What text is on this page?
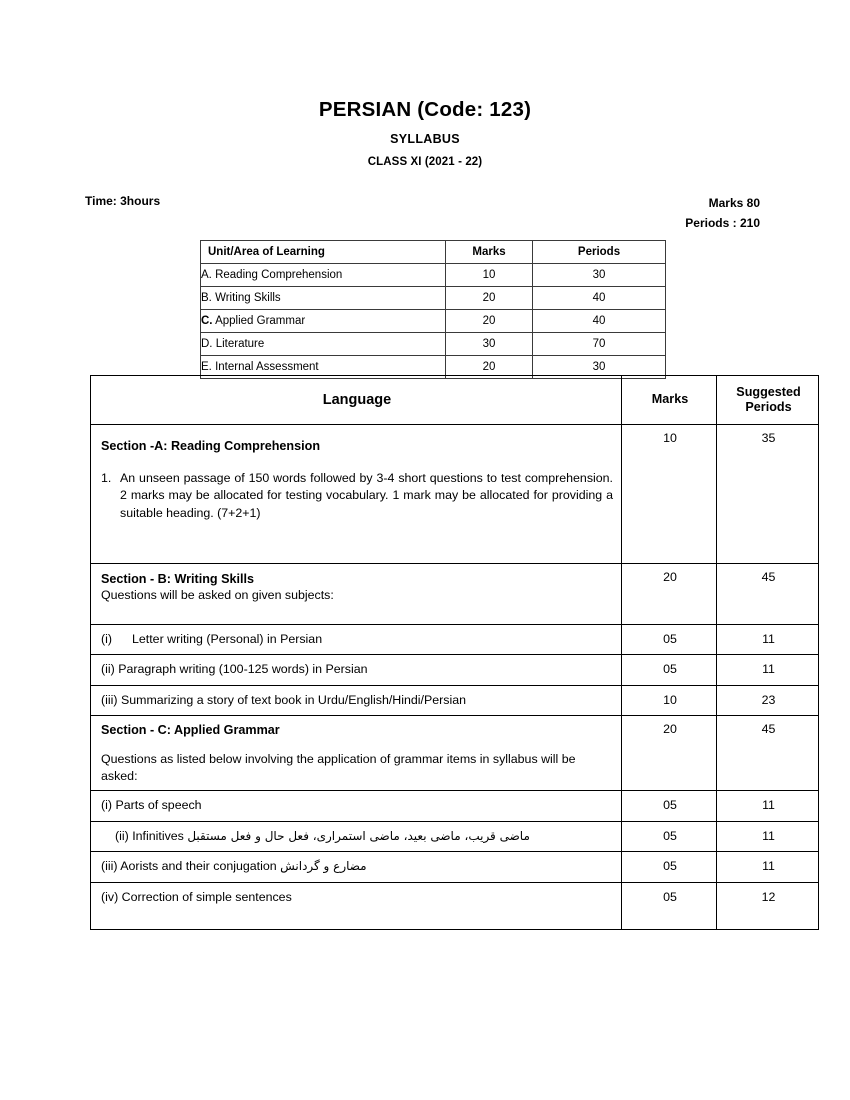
PERSIAN (Code: 123)
SYLLABUS
CLASS XI (2021 - 22)
Time: 3hours	Marks 80
Periods : 210
Unit/Area of Learning	Marks	Periods
A. Reading Comprehension	10	30
B. Writing Skills	20	40
C. Applied Grammar	20	40
D. Literature	30	70
E. Internal Assessment	20	30
Language	Marks	Suggested
Periods

Section -A: Reading Comprehension
1. An unseen passage of 150 words followed by 3-4 short questions to test comprehension. 2 marks may be allocated for testing vocabulary. 1 mark may be allocated for providing a suitable heading. (7+2+1)
	10	35

Section - B: Writing Skills
Questions will be asked on given subjects:	20	45
(i) Letter writing (Personal) in Persian	05	11
(ii) Paragraph writing (100-125 words) in Persian	05	11
(iii) Summarizing a story of text book in Urdu/English/Hindi/Persian	10	23

Section - C: Applied Grammar
Questions as listed below involving the application of grammar items in syllabus will be asked:	20	45
(i) Parts of speech	05	11

(ii) Infinitives ماضی قریب، ماضی بعید، ماضی استمراری، فعل حال و فعل مستقبل	05	11
(iii) Aorists and their conjugation مضارع و گردانش	05	11
(iv) Correction of simple sentences	05	12
